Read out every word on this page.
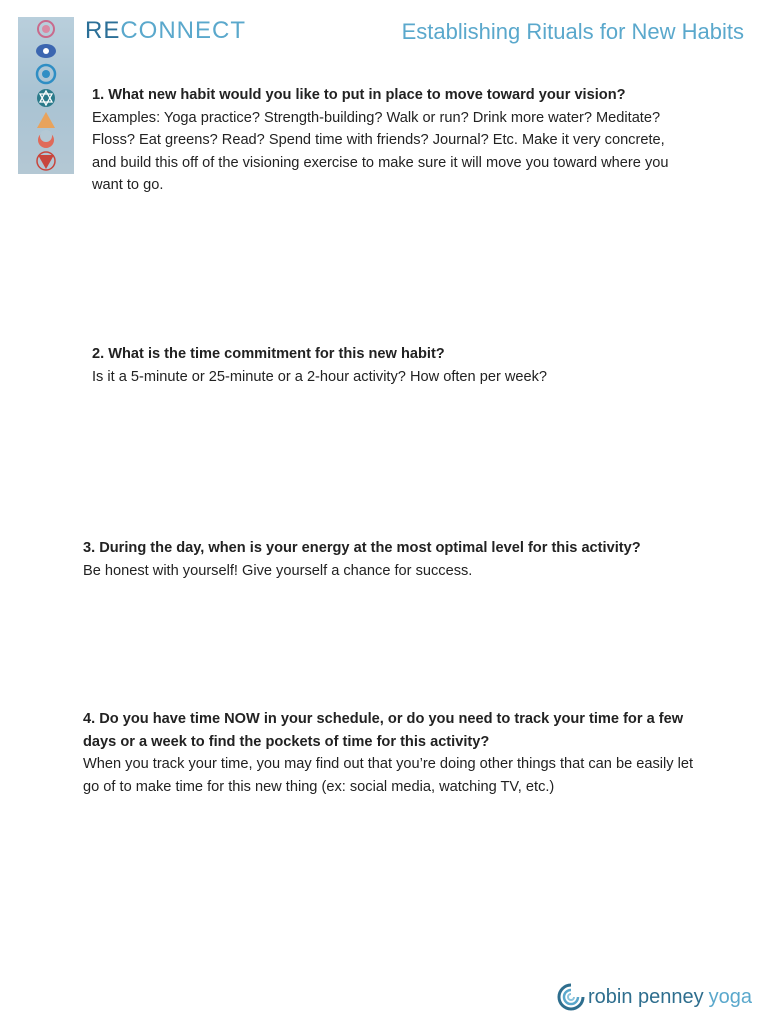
RECONNECT	Establishing Rituals for New Habits

1. What new habit would you like to put in place to move toward your vision?

Examples: Yoga practice? Strength-building? Walk or run? Drink more water? Meditate?

Floss? Eat greens? Read? Spend time with friends? Journal? Etc. Make it very concrete,

and build this off of the visioning exercise to make sure it will move you toward where you

want to go.

2. What is the time commitment for this new habit?

Is it a 5-minute or 25-minute or a 2-hour activity? How often per week?

3. During the day, when is your energy at the most optimal level for this activity?

Be honest with yourself! Give yourself a chance for success.

4. Do you have time NOW in your schedule, or do you need to track your time for a few

days or a week to find the pockets of time for this activity?

When you track your time, you may find out that you’re doing other things that can be easily let

go of to make time for this new thing (ex: social media, watching TV, etc.)

robin penney yoga
